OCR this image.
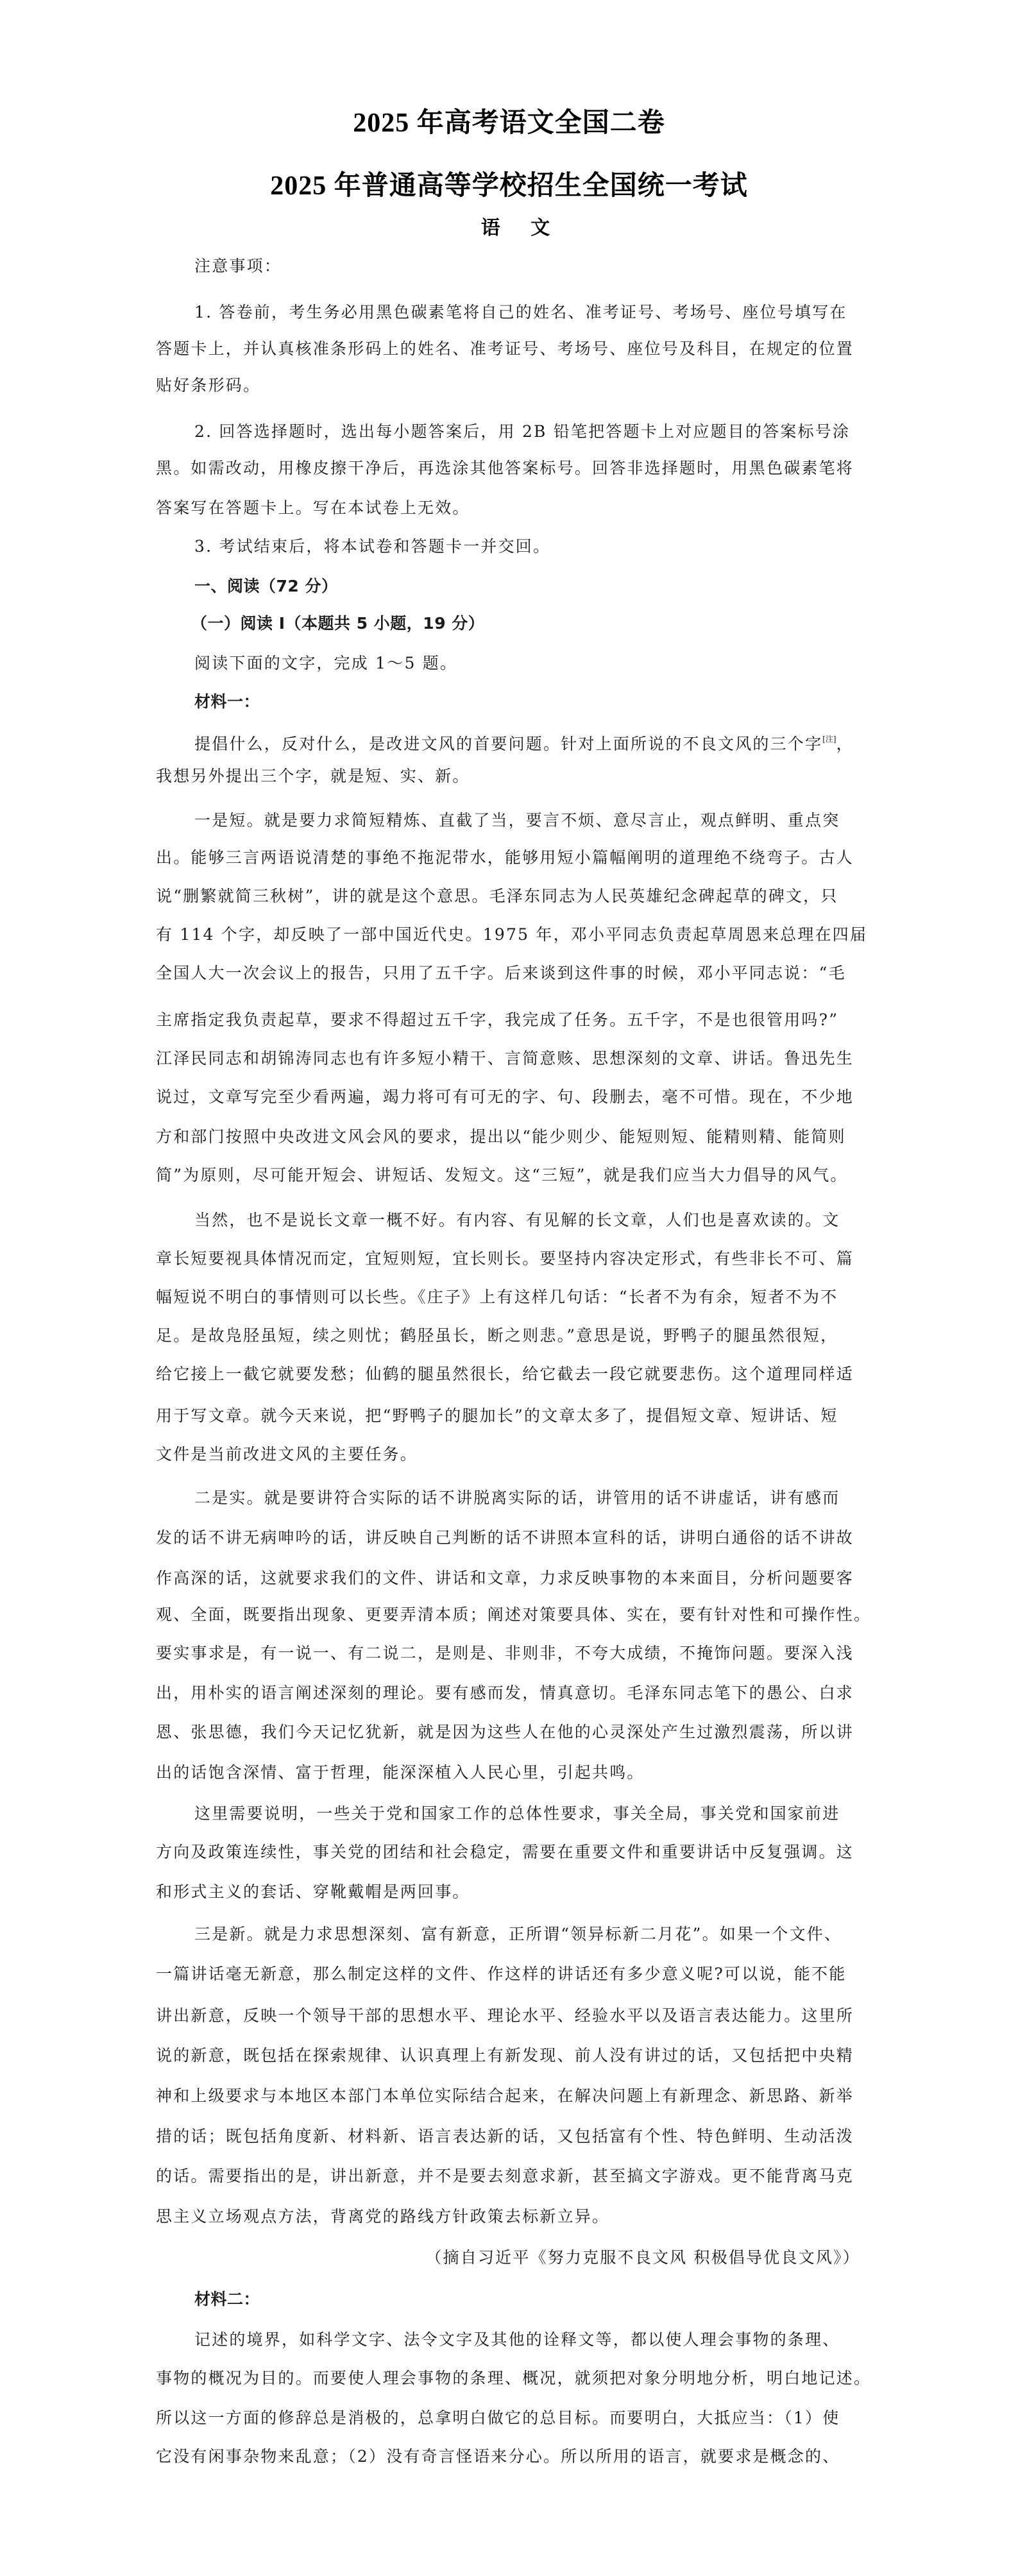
2025 年高考语文全国二卷
2025 年普通高等学校招生全国统一考试
语 文
注意事项：
1. 答卷前，考生务必用黑色碳素笔将自己的姓名、准考证号、考场号、座位号填写在
答题卡上，并认真核准条形码上的姓名、准考证号、考场号、座位号及科目，在规定的位置
贴好条形码。
2. 回答选择题时，选出每小题答案后，用 2B 铅笔把答题卡上对应题目的答案标号涂
黑。如需改动，用橡皮擦干净后，再选涂其他答案标号。回答非选择题时，用黑色碳素笔将
答案写在答题卡上。写在本试卷上无效。
3. 考试结束后，将本试卷和答题卡一并交回。
一、阅读（72 分）
（一）阅读 I（本题共 5 小题，19 分）
阅读下面的文字，完成 1～5 题。
材料一：
提倡什么，反对什么，是改进文风的首要问题。针对上面所说的不良文风的三个字[注]，
我想另外提出三个字，就是短、实、新。
一是短。就是要力求简短精炼、直截了当，要言不烦、意尽言止，观点鲜明、重点突
出。能够三言两语说清楚的事绝不拖泥带水，能够用短小篇幅阐明的道理绝不绕弯子。古人
说“删繁就简三秋树”，讲的就是这个意思。毛泽东同志为人民英雄纪念碑起草的碑文，只
有 114 个字，却反映了一部中国近代史。1975 年，邓小平同志负责起草周恩来总理在四届
全国人大一次会议上的报告，只用了五千字。后来谈到这件事的时候，邓小平同志说：“毛
主席指定我负责起草，要求不得超过五千字，我完成了任务。五千字，不是也很管用吗?”
江泽民同志和胡锦涛同志也有许多短小精干、言简意赅、思想深刻的文章、讲话。鲁迅先生
说过，文章写完至少看两遍，竭力将可有可无的字、句、段删去，毫不可惜。现在，不少地
方和部门按照中央改进文风会风的要求，提出以“能少则少、能短则短、能精则精、能简则
简”为原则，尽可能开短会、讲短话、发短文。这“三短”，就是我们应当大力倡导的风气。
当然，也不是说长文章一概不好。有内容、有见解的长文章，人们也是喜欢读的。文
章长短要视具体情况而定，宜短则短，宜长则长。要坚持内容决定形式，有些非长不可、篇
幅短说不明白的事情则可以长些。《庄子》上有这样几句话：“长者不为有余，短者不为不
足。是故凫胫虽短，续之则忧；鹤胫虽长，断之则悲。”意思是说，野鸭子的腿虽然很短，
给它接上一截它就要发愁；仙鹤的腿虽然很长，给它截去一段它就要悲伤。这个道理同样适
用于写文章。就今天来说，把“野鸭子的腿加长”的文章太多了，提倡短文章、短讲话、短
文件是当前改进文风的主要任务。
二是实。就是要讲符合实际的话不讲脱离实际的话，讲管用的话不讲虚话，讲有感而
发的话不讲无病呻吟的话，讲反映自己判断的话不讲照本宣科的话，讲明白通俗的话不讲故
作高深的话，这就要求我们的文件、讲话和文章，力求反映事物的本来面目，分析问题要客
观、全面，既要指出现象、更要弄清本质；阐述对策要具体、实在，要有针对性和可操作性。
要实事求是，有一说一、有二说二，是则是、非则非，不夸大成绩，不掩饰问题。要深入浅
出，用朴实的语言阐述深刻的理论。要有感而发，情真意切。毛泽东同志笔下的愚公、白求
恩、张思德，我们今天记忆犹新，就是因为这些人在他的心灵深处产生过激烈震荡，所以讲
出的话饱含深情、富于哲理，能深深植入人民心里，引起共鸣。
这里需要说明，一些关于党和国家工作的总体性要求，事关全局，事关党和国家前进
方向及政策连续性，事关党的团结和社会稳定，需要在重要文件和重要讲话中反复强调。这
和形式主义的套话、穿靴戴帽是两回事。
三是新。就是力求思想深刻、富有新意，正所谓“领异标新二月花”。如果一个文件、
一篇讲话毫无新意，那么制定这样的文件、作这样的讲话还有多少意义呢?可以说，能不能
讲出新意，反映一个领导干部的思想水平、理论水平、经验水平以及语言表达能力。这里所
说的新意，既包括在探索规律、认识真理上有新发现、前人没有讲过的话，又包括把中央精
神和上级要求与本地区本部门本单位实际结合起来，在解决问题上有新理念、新思路、新举
措的话；既包括角度新、材料新、语言表达新的话，又包括富有个性、特色鲜明、生动活泼
的话。需要指出的是，讲出新意，并不是要去刻意求新，甚至搞文字游戏。更不能背离马克
思主义立场观点方法，背离党的路线方针政策去标新立异。
（摘自习近平《努力克服不良文风 积极倡导优良文风》）
材料二：
记述的境界，如科学文字、法令文字及其他的诠释文等，都以使人理会事物的条理、
事物的概况为目的。而要使人理会事物的条理、概况，就须把对象分明地分析，明白地记述。
所以这一方面的修辞总是消极的，总拿明白做它的总目标。而要明白，大抵应当：（1）使
它没有闲事杂物来乱意；（2）没有奇言怪语来分心。所以所用的语言，就要求是概念的、
